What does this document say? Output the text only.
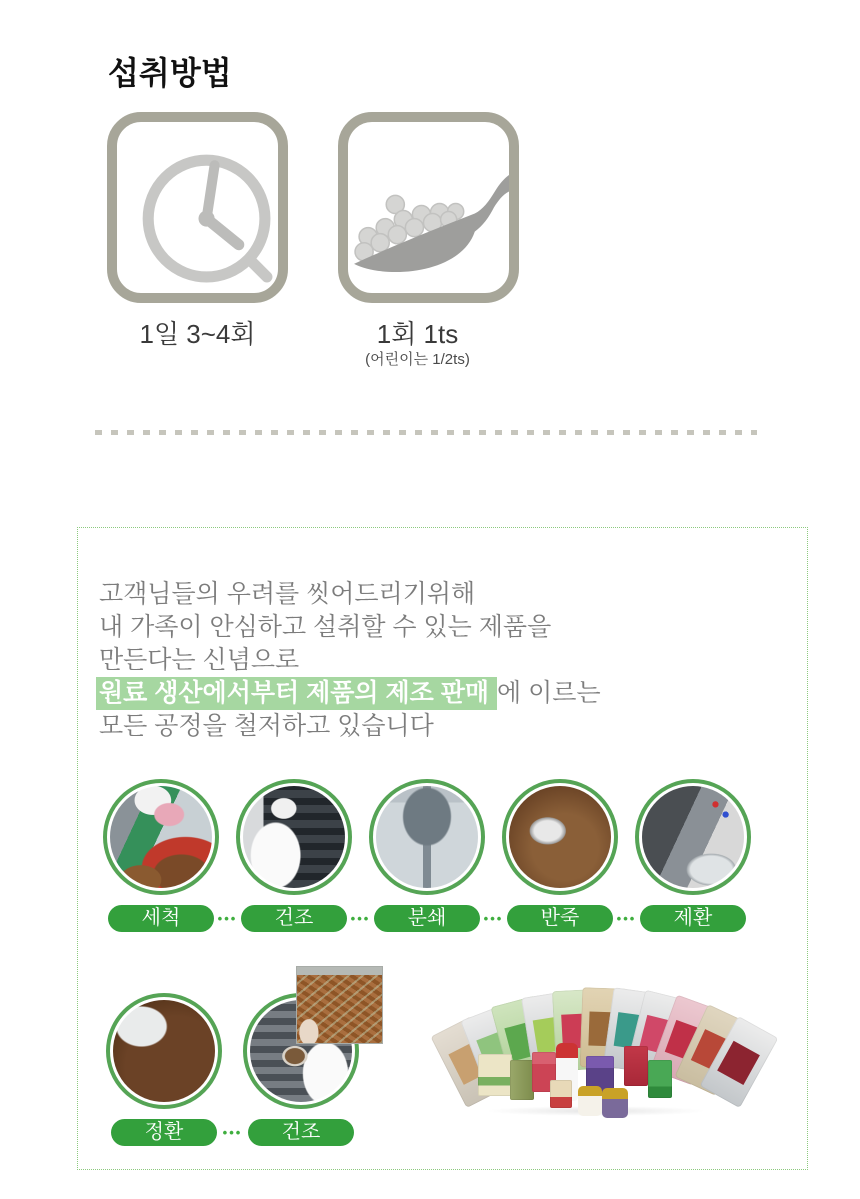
섭취방법
1일 3~4회	1회 1ts
(어린이는 1/2ts)
고객님들의 우려를 씻어드리기위해
내 가족이 안심하고 설취할 수 있는 제품을
만든다는 신념으로
원료 생산에서부터 제품의 제조 판매 에 이르는
모든 공정을 철저하고 있습니다
세척	•••	건조	•••	분쇄	•••	반죽	•••	제환
정환	•••	건조
